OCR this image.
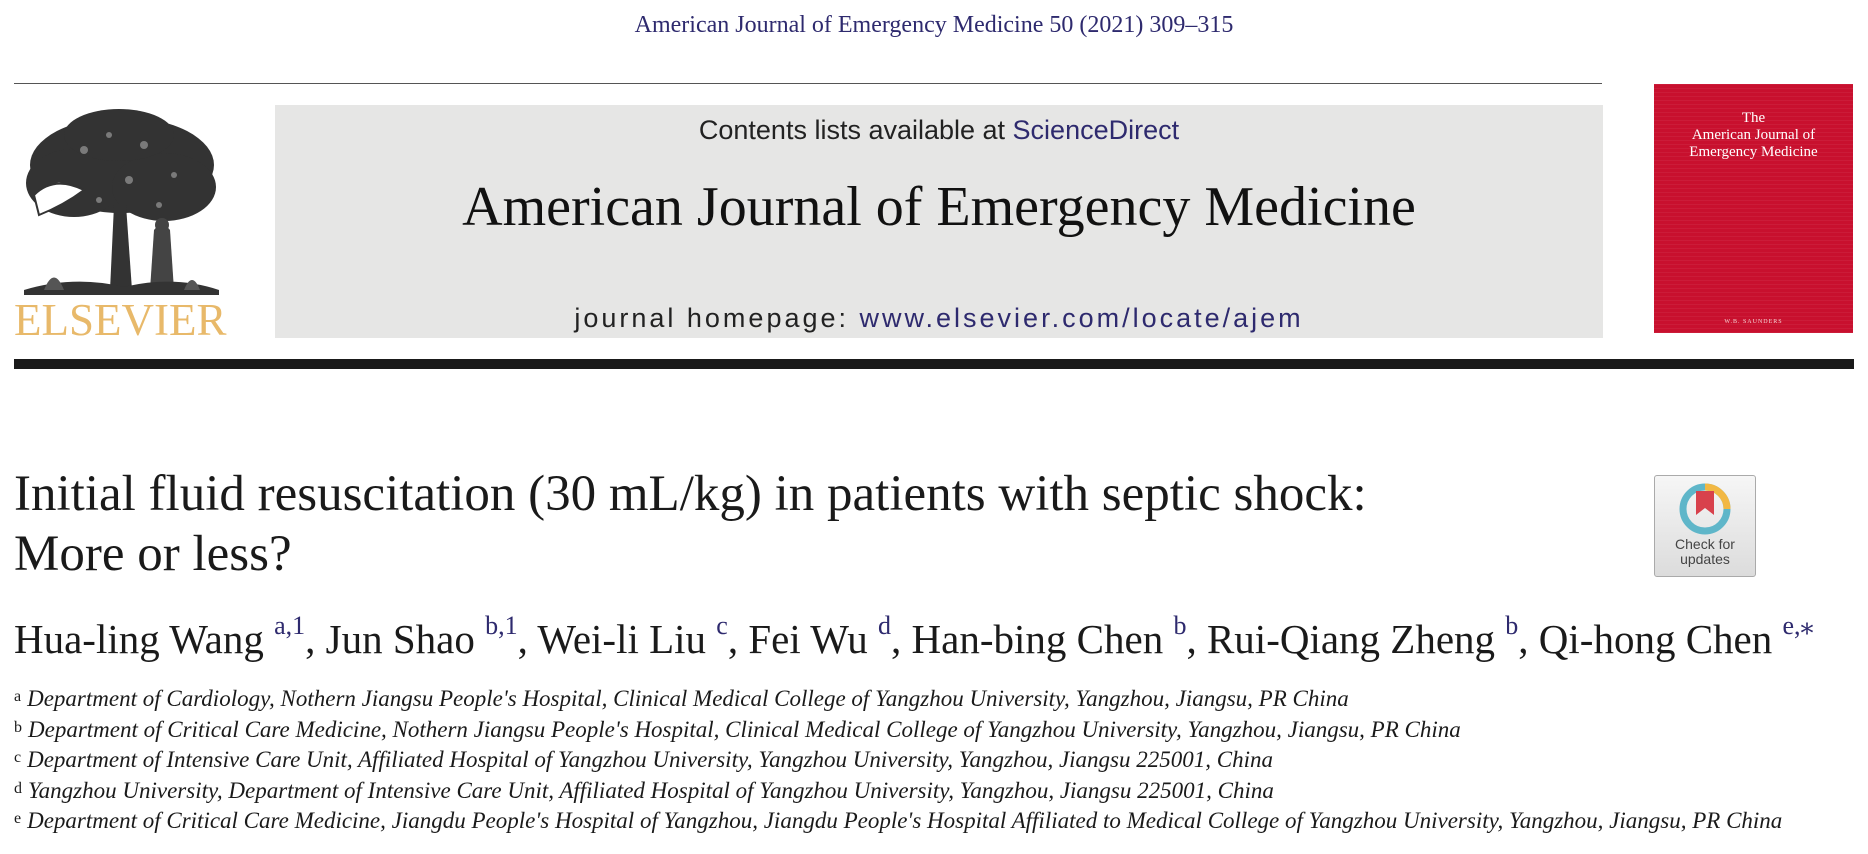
American Journal of Emergency Medicine 50 (2021) 309–315
ELSEVIER
Contents lists available at ScienceDirect
American Journal of Emergency Medicine
journal homepage: www.elsevier.com/locate/ajem
The
American Journal of
Emergency Medicine
W.B. SAUNDERS
Initial fluid resuscitation (30 mL/kg) in patients with septic shock:
More or less?	Check for
updates
Hua-ling Wang $^{a,1}$, Jun Shao $^{b,1}$, Wei-li Liu $^c$, Fei Wu $^d$, Han-bing Chen $^b$, Rui-Qiang Zheng $^b$, Qi-hong Chen $^{e,⁎}$
$^a$ Department of Cardiology, Nothern Jiangsu People's Hospital, Clinical Medical College of Yangzhou University, Yangzhou, Jiangsu, PR China
$^b$ Department of Critical Care Medicine, Nothern Jiangsu People's Hospital, Clinical Medical College of Yangzhou University, Yangzhou, Jiangsu, PR China
$^c$ Department of Intensive Care Unit, Affiliated Hospital of Yangzhou University, Yangzhou University, Yangzhou, Jiangsu 225001, China
$^d$ Yangzhou University, Department of Intensive Care Unit, Affiliated Hospital of Yangzhou University, Yangzhou, Jiangsu 225001, China
$^e$ Department of Critical Care Medicine, Jiangdu People's Hospital of Yangzhou, Jiangdu People's Hospital Affiliated to Medical College of Yangzhou University, Yangzhou, Jiangsu, PR China
